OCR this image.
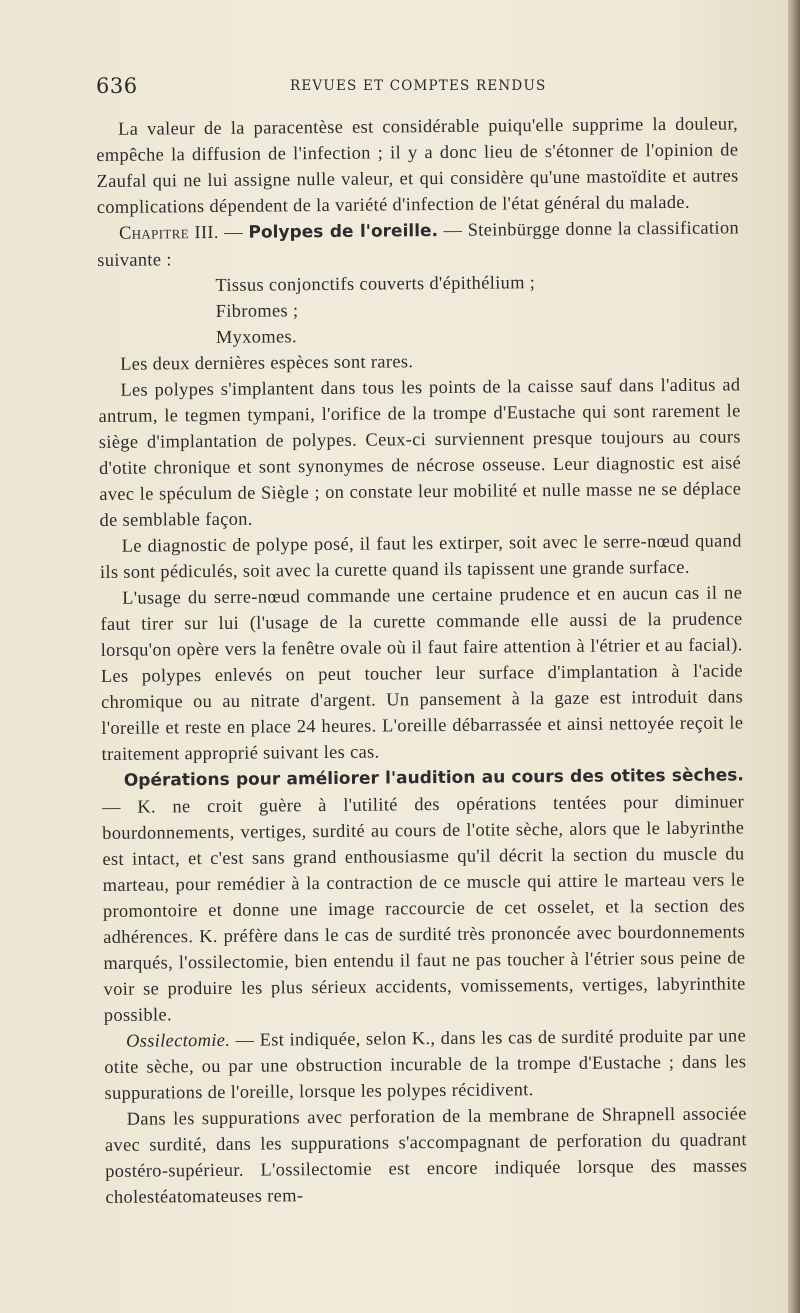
636	REVUES ET COMPTES RENDUS

La valeur de la paracentèse est considérable puiqu'elle supprime la douleur, empêche la diffusion de l'infection ; il y a donc lieu de s'étonner de l'opinion de Zaufal qui ne lui assigne nulle valeur, et qui considère qu'une mastoïdite et autres complications dépendent de la variété d'infection de l'état général du malade.

Chapitre III. — Polypes de l'oreille. — Steinbürgge donne la classification suivante :

Tissus conjonctifs couverts d'épithélium ;

Fibromes ;

Myxomes.

Les deux dernières espèces sont rares.

Les polypes s'implantent dans tous les points de la caisse sauf dans l'aditus ad antrum, le tegmen tympani, l'orifice de la trompe d'Eustache qui sont rarement le siège d'implantation de polypes. Ceux-ci surviennent presque toujours au cours d'otite chronique et sont synonymes de nécrose osseuse. Leur diagnostic est aisé avec le spéculum de Siègle ; on constate leur mobilité et nulle masse ne se déplace de semblable façon.

Le diagnostic de polype posé, il faut les extirper, soit avec le serre-nœud quand ils sont pédiculés, soit avec la curette quand ils tapissent une grande surface.

L'usage du serre-nœud commande une certaine prudence et en aucun cas il ne faut tirer sur lui (l'usage de la curette commande elle aussi de la prudence lorsqu'on opère vers la fenêtre ovale où il faut faire attention à l'étrier et au facial). Les polypes enlevés on peut toucher leur surface d'implantation à l'acide chromique ou au nitrate d'argent. Un pansement à la gaze est introduit dans l'oreille et reste en place 24 heures. L'oreille débarrassée et ainsi nettoyée reçoit le traitement approprié suivant les cas.

Opérations pour améliorer l'audition au cours des otites sèches. — K. ne croit guère à l'utilité des opérations tentées pour diminuer bourdonnements, vertiges, surdité au cours de l'otite sèche, alors que le labyrinthe est intact, et c'est sans grand enthousiasme qu'il décrit la section du muscle du marteau, pour remédier à la contraction de ce muscle qui attire le marteau vers le promontoire et donne une image raccourcie de cet osselet, et la section des adhérences. K. préfère dans le cas de surdité très prononcée avec bourdonnements marqués, l'ossilectomie, bien entendu il faut ne pas toucher à l'étrier sous peine de voir se produire les plus sérieux accidents, vomissements, vertiges, labyrinthite possible.

Ossilectomie. — Est indiquée, selon K., dans les cas de surdité produite par une otite sèche, ou par une obstruction incurable de la trompe d'Eustache ; dans les suppurations de l'oreille, lorsque les polypes récidivent.

Dans les suppurations avec perforation de la membrane de Shrapnell associée avec surdité, dans les suppurations s'accompagnant de perforation du quadrant postéro-supérieur. L'ossilectomie est encore indiquée lorsque des masses cholestéatomateuses rem-
